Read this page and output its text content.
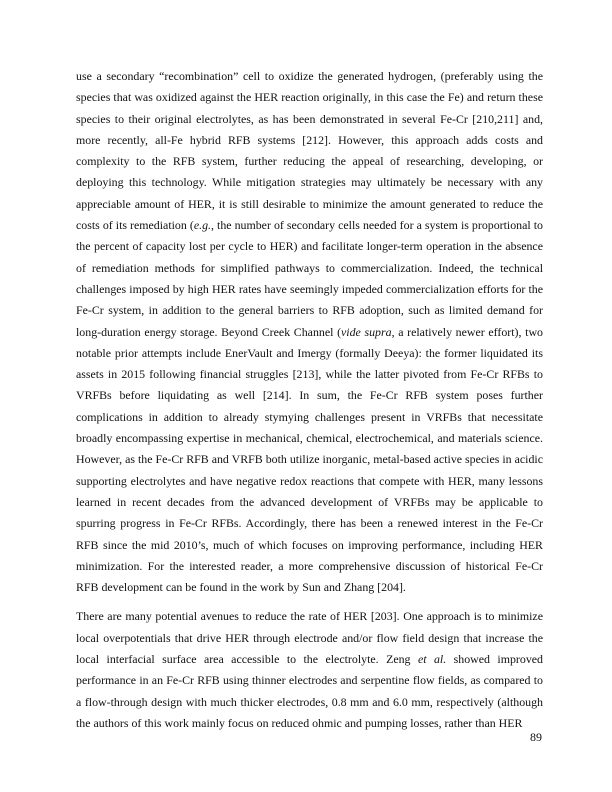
use a secondary “recombination” cell to oxidize the generated hydrogen, (preferably using the species that was oxidized against the HER reaction originally, in this case the Fe) and return these species to their original electrolytes, as has been demonstrated in several Fe-Cr [210,211] and, more recently, all-Fe hybrid RFB systems [212]. However, this approach adds costs and complexity to the RFB system, further reducing the appeal of researching, developing, or deploying this technology. While mitigation strategies may ultimately be necessary with any appreciable amount of HER, it is still desirable to minimize the amount generated to reduce the costs of its remediation (e.g., the number of secondary cells needed for a system is proportional to the percent of capacity lost per cycle to HER) and facilitate longer-term operation in the absence of remediation methods for simplified pathways to commercialization. Indeed, the technical challenges imposed by high HER rates have seemingly impeded commercialization efforts for the Fe-Cr system, in addition to the general barriers to RFB adoption, such as limited demand for long-duration energy storage. Beyond Creek Channel (vide supra, a relatively newer effort), two notable prior attempts include EnerVault and Imergy (formally Deeya): the former liquidated its assets in 2015 following financial struggles [213], while the latter pivoted from Fe-Cr RFBs to VRFBs before liquidating as well [214]. In sum, the Fe-Cr RFB system poses further complications in addition to already stymying challenges present in VRFBs that necessitate broadly encompassing expertise in mechanical, chemical, electrochemical, and materials science. However, as the Fe-Cr RFB and VRFB both utilize inorganic, metal-based active species in acidic supporting electrolytes and have negative redox reactions that compete with HER, many lessons learned in recent decades from the advanced development of VRFBs may be applicable to spurring progress in Fe-Cr RFBs. Accordingly, there has been a renewed interest in the Fe-Cr RFB since the mid 2010’s, much of which focuses on improving performance, including HER minimization. For the interested reader, a more comprehensive discussion of historical Fe-Cr RFB development can be found in the work by Sun and Zhang [204].

There are many potential avenues to reduce the rate of HER [203]. One approach is to minimize local overpotentials that drive HER through electrode and/or flow field design that increase the local interfacial surface area accessible to the electrolyte. Zeng et al. showed improved performance in an Fe-Cr RFB using thinner electrodes and serpentine flow fields, as compared to a flow-through design with much thicker electrodes, 0.8 mm and 6.0 mm, respectively (although the authors of this work mainly focus on reduced ohmic and pumping losses, rather than HER

89
